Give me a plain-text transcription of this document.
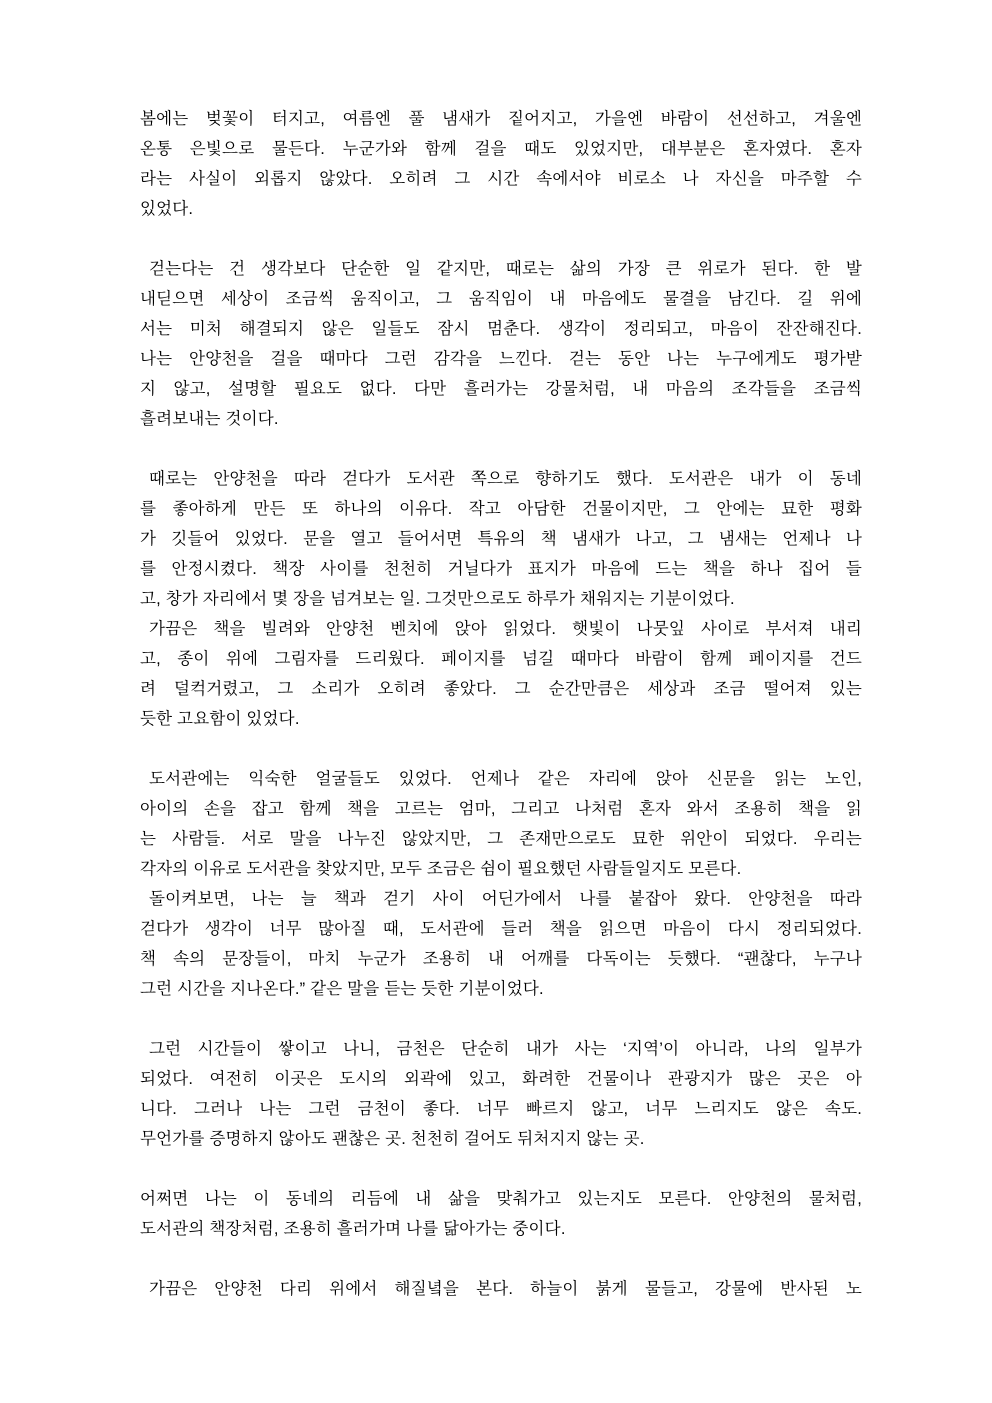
봄에는 벚꽃이 터지고, 여름엔 풀 냄새가 짙어지고, 가을엔 바람이 선선하고, 겨울엔
온통 은빛으로 물든다. 누군가와 함께 걸을 때도 있었지만, 대부분은 혼자였다. 혼자
라는 사실이 외롭지 않았다. 오히려 그 시간 속에서야 비로소 나 자신을 마주할 수
있었다.
걷는다는 건 생각보다 단순한 일 같지만, 때로는 삶의 가장 큰 위로가 된다. 한 발
내딛으면 세상이 조금씩 움직이고, 그 움직임이 내 마음에도 물결을 남긴다. 길 위에
서는 미처 해결되지 않은 일들도 잠시 멈춘다. 생각이 정리되고, 마음이 잔잔해진다.
나는 안양천을 걸을 때마다 그런 감각을 느낀다. 걷는 동안 나는 누구에게도 평가받
지 않고, 설명할 필요도 없다. 다만 흘러가는 강물처럼, 내 마음의 조각들을 조금씩
흘려보내는 것이다.
때로는 안양천을 따라 걷다가 도서관 쪽으로 향하기도 했다. 도서관은 내가 이 동네
를 좋아하게 만든 또 하나의 이유다. 작고 아담한 건물이지만, 그 안에는 묘한 평화
가 깃들어 있었다. 문을 열고 들어서면 특유의 책 냄새가 나고, 그 냄새는 언제나 나
를 안정시켰다. 책장 사이를 천천히 거닐다가 표지가 마음에 드는 책을 하나 집어 들
고, 창가 자리에서 몇 장을 넘겨보는 일. 그것만으로도 하루가 채워지는 기분이었다.
가끔은 책을 빌려와 안양천 벤치에 앉아 읽었다. 햇빛이 나뭇잎 사이로 부서져 내리
고, 종이 위에 그림자를 드리웠다. 페이지를 넘길 때마다 바람이 함께 페이지를 건드
려 덜컥거렸고, 그 소리가 오히려 좋았다. 그 순간만큼은 세상과 조금 떨어져 있는
듯한 고요함이 있었다.
도서관에는 익숙한 얼굴들도 있었다. 언제나 같은 자리에 앉아 신문을 읽는 노인,
아이의 손을 잡고 함께 책을 고르는 엄마, 그리고 나처럼 혼자 와서 조용히 책을 읽
는 사람들. 서로 말을 나누진 않았지만, 그 존재만으로도 묘한 위안이 되었다. 우리는
각자의 이유로 도서관을 찾았지만, 모두 조금은 쉼이 필요했던 사람들일지도 모른다.
돌이켜보면, 나는 늘 책과 걷기 사이 어딘가에서 나를 붙잡아 왔다. 안양천을 따라
걷다가 생각이 너무 많아질 때, 도서관에 들러 책을 읽으면 마음이 다시 정리되었다.
책 속의 문장들이, 마치 누군가 조용히 내 어깨를 다독이는 듯했다. “괜찮다, 누구나
그런 시간을 지나온다.” 같은 말을 듣는 듯한 기분이었다.
그런 시간들이 쌓이고 나니, 금천은 단순히 내가 사는 ‘지역’이 아니라, 나의 일부가
되었다. 여전히 이곳은 도시의 외곽에 있고, 화려한 건물이나 관광지가 많은 곳은 아
니다. 그러나 나는 그런 금천이 좋다. 너무 빠르지 않고, 너무 느리지도 않은 속도.
무언가를 증명하지 않아도 괜찮은 곳. 천천히 걸어도 뒤처지지 않는 곳.
어쩌면 나는 이 동네의 리듬에 내 삶을 맞춰가고 있는지도 모른다. 안양천의 물처럼,
도서관의 책장처럼, 조용히 흘러가며 나를 닮아가는 중이다.
가끔은 안양천 다리 위에서 해질녘을 본다. 하늘이 붉게 물들고, 강물에 반사된 노
